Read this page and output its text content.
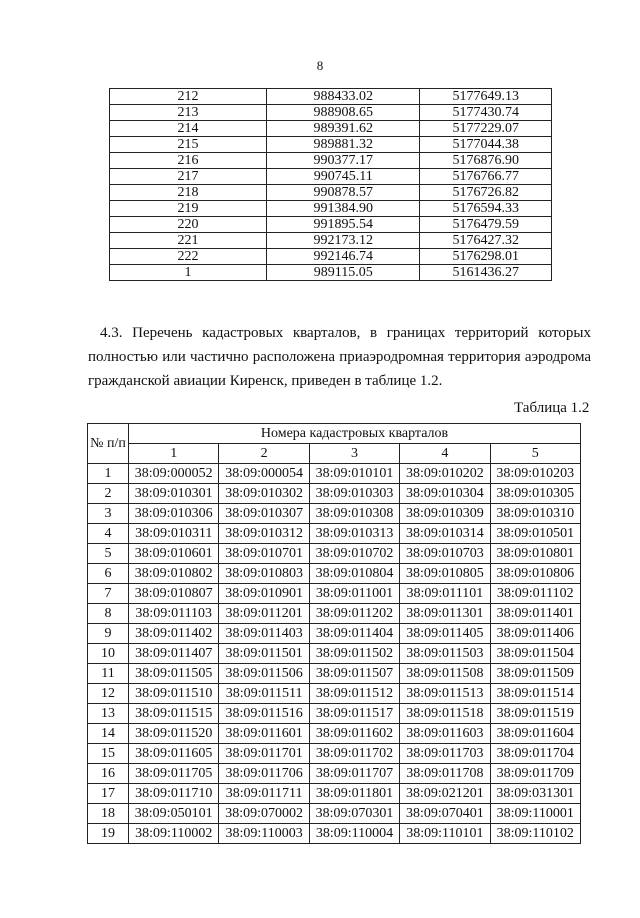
8
212	988433.02	5177649.13
213	988908.65	5177430.74
214	989391.62	5177229.07
215	989881.32	5177044.38
216	990377.17	5176876.90
217	990745.11	5176766.77
218	990878.57	5176726.82
219	991384.90	5176594.33
220	991895.54	5176479.59
221	992173.12	5176427.32
222	992146.74	5176298.01
1	989115.05	5161436.27
4.3. Перечень кадастровых кварталов, в границах территорий которых полностью или частично расположена приаэродромная территория аэродрома гражданской авиации Киренск, приведен в таблице 1.2.
Таблица 1.2
№ п/п	Номера кадастровых кварталов				
	1	2	3	4	5
1	38:09:000052	38:09:000054	38:09:010101	38:09:010202	38:09:010203
2	38:09:010301	38:09:010302	38:09:010303	38:09:010304	38:09:010305
3	38:09:010306	38:09:010307	38:09:010308	38:09:010309	38:09:010310
4	38:09:010311	38:09:010312	38:09:010313	38:09:010314	38:09:010501
5	38:09:010601	38:09:010701	38:09:010702	38:09:010703	38:09:010801
6	38:09:010802	38:09:010803	38:09:010804	38:09:010805	38:09:010806
7	38:09:010807	38:09:010901	38:09:011001	38:09:011101	38:09:011102
8	38:09:011103	38:09:011201	38:09:011202	38:09:011301	38:09:011401
9	38:09:011402	38:09:011403	38:09:011404	38:09:011405	38:09:011406
10	38:09:011407	38:09:011501	38:09:011502	38:09:011503	38:09:011504
11	38:09:011505	38:09:011506	38:09:011507	38:09:011508	38:09:011509
12	38:09:011510	38:09:011511	38:09:011512	38:09:011513	38:09:011514
13	38:09:011515	38:09:011516	38:09:011517	38:09:011518	38:09:011519
14	38:09:011520	38:09:011601	38:09:011602	38:09:011603	38:09:011604
15	38:09:011605	38:09:011701	38:09:011702	38:09:011703	38:09:011704
16	38:09:011705	38:09:011706	38:09:011707	38:09:011708	38:09:011709
17	38:09:011710	38:09:011711	38:09:011801	38:09:021201	38:09:031301
18	38:09:050101	38:09:070002	38:09:070301	38:09:070401	38:09:110001
19	38:09:110002	38:09:110003	38:09:110004	38:09:110101	38:09:110102
